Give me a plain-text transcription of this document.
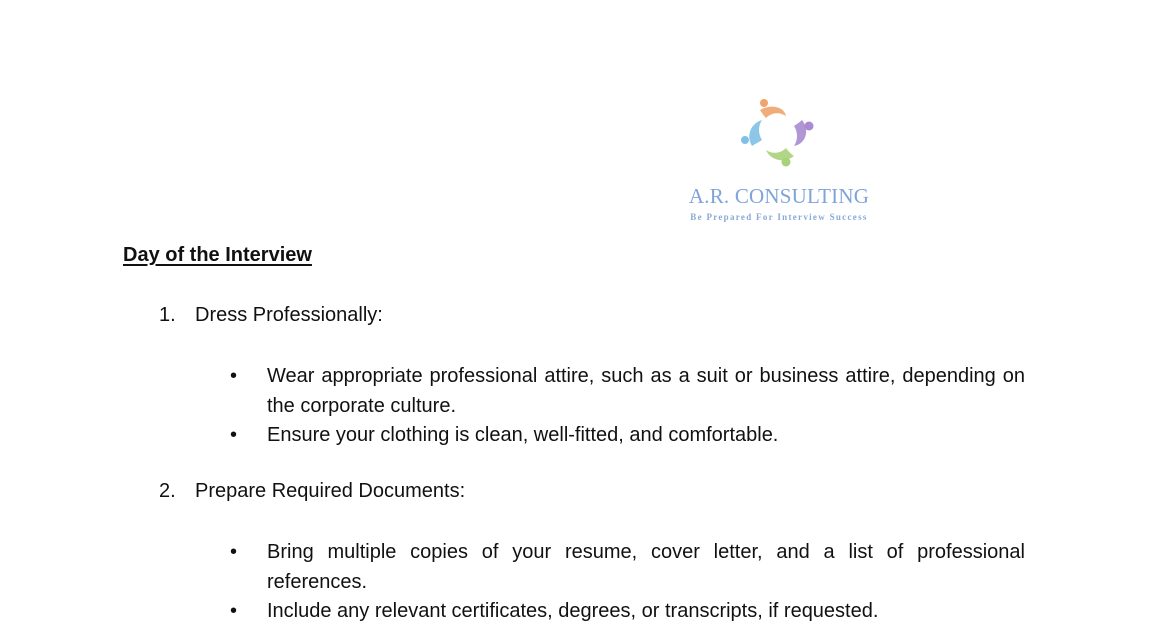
A.R. CONSULTING
Be Prepared For Interview Success
Day of the Interview
1. Dress Professionally:
• Wear appropriate professional attire, such as a suit or business attire, depending on the corporate culture.
• Ensure your clothing is clean, well-fitted, and comfortable.
2. Prepare Required Documents:
• Bring multiple copies of your resume, cover letter, and a list of professional references.
• Include any relevant certificates, degrees, or transcripts, if requested.
